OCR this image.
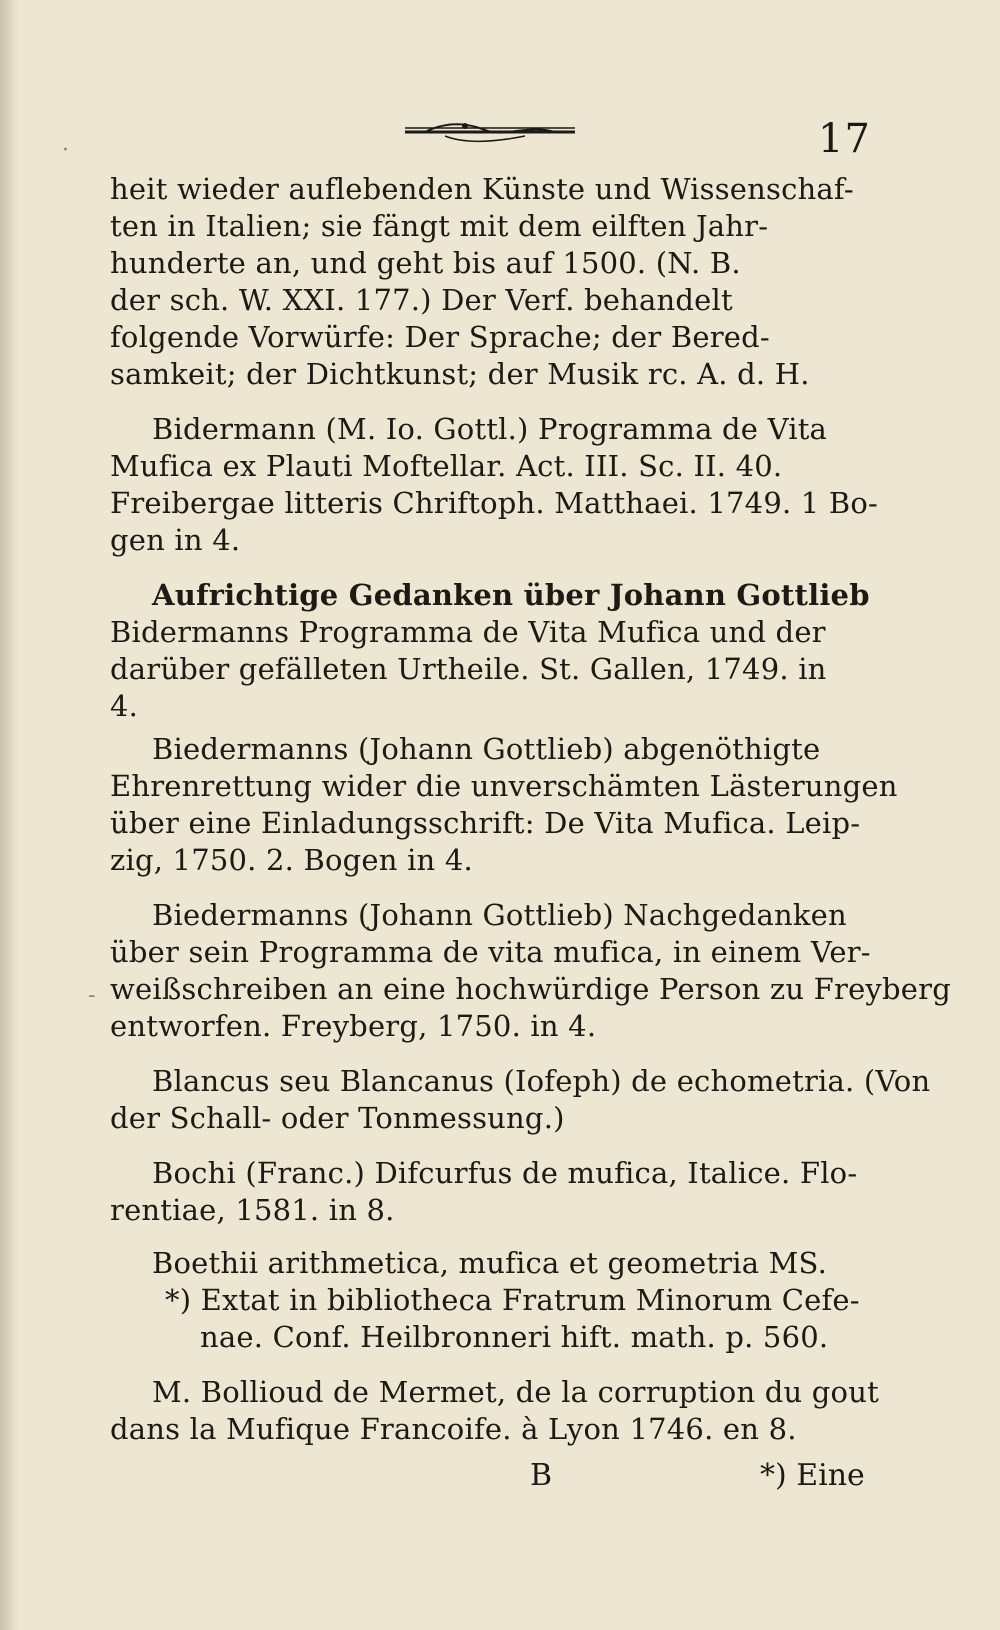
17
heit wieder auflebenden Künste und Wissenschaf-
ten in Italien; sie fängt mit dem eilften Jahr-
hunderte an, und geht bis auf 1500. (N. B.
der sch. W. XXI. 177.) Der Verf. behandelt
folgende Vorwürfe: Der Sprache; der Bered-
samkeit; der Dichtkunst; der Musik rc. A. d. H.
Bidermann (M. Io. Gottl.) Programma de Vita
Mufica ex Plauti Moftellar. Act. III. Sc. II. 40.
Freibergae litteris Chriftoph. Matthaei. 1749. 1 Bo-
gen in 4.
Aufrichtige Gedanken über Johann Gottlieb
Bidermanns Programma de Vita Mufica und der
darüber gefälleten Urtheile. St. Gallen, 1749. in
4.
Biedermanns (Johann Gottlieb) abgenöthigte
Ehrenrettung wider die unverschämten Lästerungen
über eine Einladungsschrift: De Vita Mufica. Leip-
zig, 1750. 2. Bogen in 4.
Biedermanns (Johann Gottlieb) Nachgedanken
über sein Programma de vita mufica, in einem Ver-
weißschreiben an eine hochwürdige Person zu Freyberg
entworfen. Freyberg, 1750. in 4.
Blancus seu Blancanus (Iofeph) de echometria. (Von
der Schall- oder Tonmessung.)
Bochi (Franc.) Difcurfus de mufica, Italice. Flo-
rentiae, 1581. in 8.
Boethii arithmetica, mufica et geometria MS.
*) Extat in bibliotheca Fratrum Minorum Cefe-
nae. Conf. Heilbronneri hift. math. p. 560.
M. Bollioud de Mermet, de la corruption du gout
dans la Mufique Francoife. à Lyon 1746. en 8.
B	*) Eine
·
-
